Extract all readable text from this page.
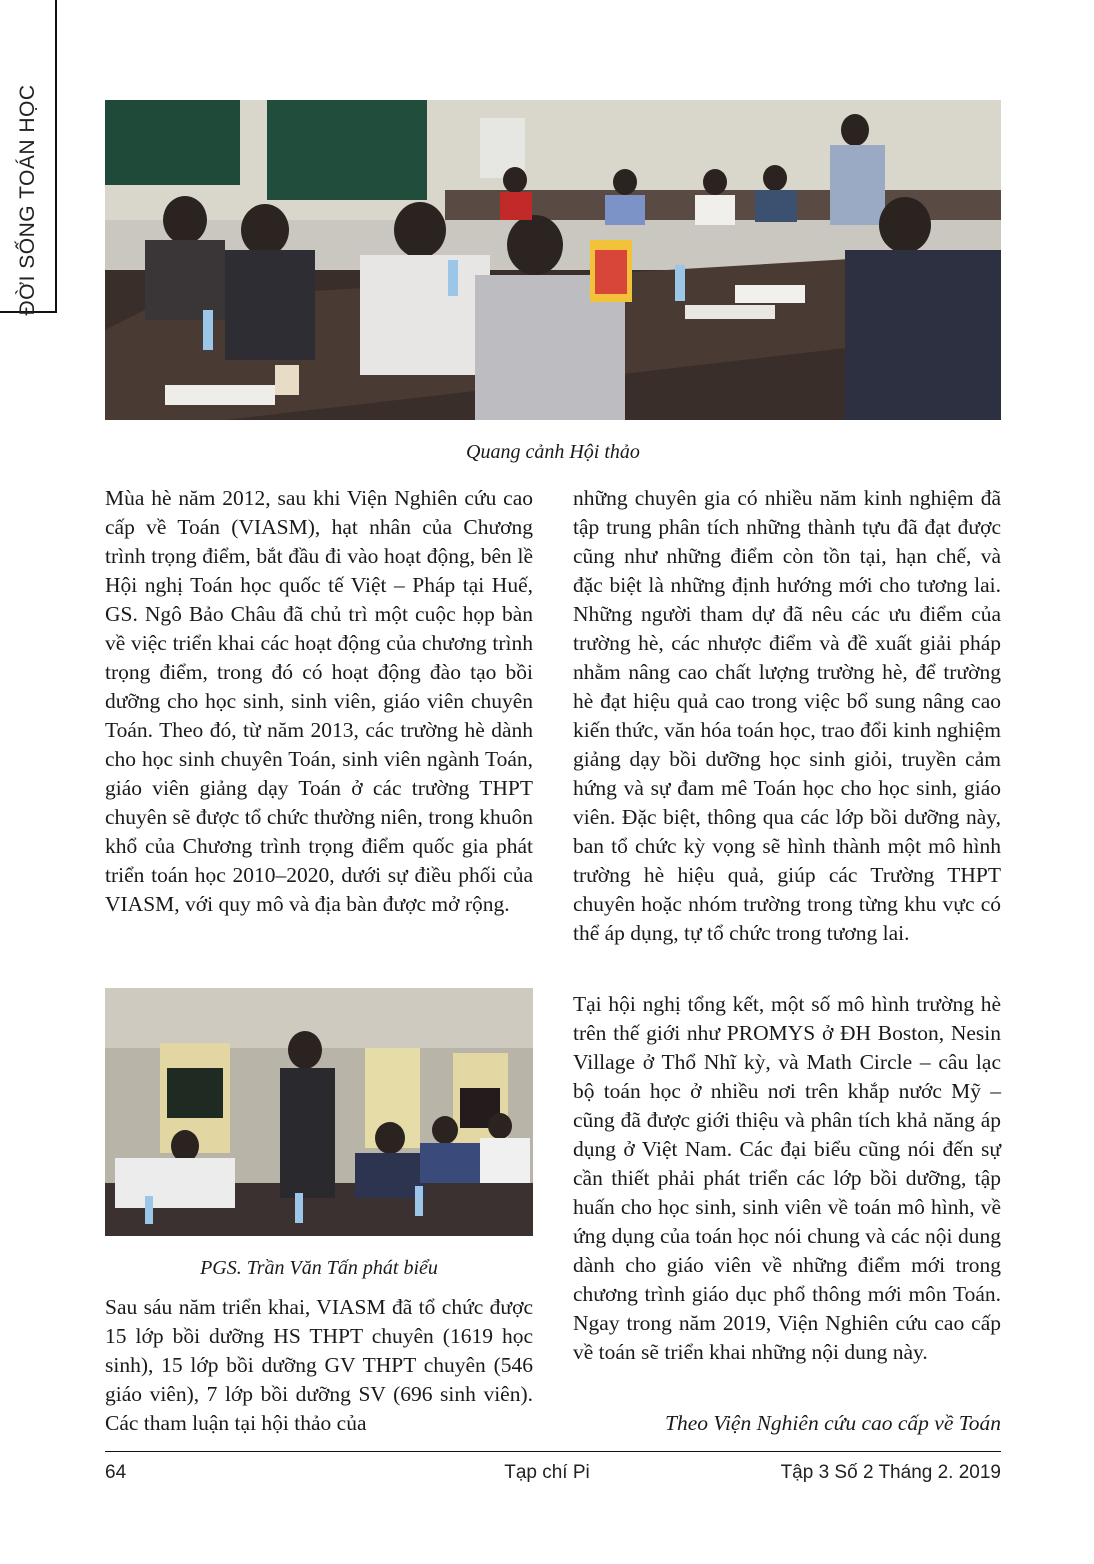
ĐỜI SỐNG TOÁN HỌC
Quang cảnh Hội thảo

Mùa hè năm 2012, sau khi Viện Nghiên cứu cao cấp về Toán (VIASM), hạt nhân của Chương trình trọng điểm, bắt đầu đi vào hoạt động, bên lề Hội nghị Toán học quốc tế Việt – Pháp tại Huế, GS. Ngô Bảo Châu đã chủ trì một cuộc họp bàn về việc triển khai các hoạt động của chương trình trọng điểm, trong đó có hoạt động đào tạo bồi dưỡng cho học sinh, sinh viên, giáo viên chuyên Toán. Theo đó, từ năm 2013, các trường hè dành cho học sinh chuyên Toán, sinh viên ngành Toán, giáo viên giảng dạy Toán ở các trường THPT chuyên sẽ được tổ chức thường niên, trong khuôn khổ của Chương trình trọng điểm quốc gia phát triển toán học 2010–2020, dưới sự điều phối của VIASM, với quy mô và địa bàn được mở rộng.

những chuyên gia có nhiều năm kinh nghiệm đã tập trung phân tích những thành tựu đã đạt được cũng như những điểm còn tồn tại, hạn chế, và đặc biệt là những định hướng mới cho tương lai. Những người tham dự đã nêu các ưu điểm của trường hè, các nhược điểm và đề xuất giải pháp nhằm nâng cao chất lượng trường hè, để trường hè đạt hiệu quả cao trong việc bổ sung nâng cao kiến thức, văn hóa toán học, trao đổi kinh nghiệm giảng dạy bồi dưỡng học sinh giỏi, truyền cảm hứng và sự đam mê Toán học cho học sinh, giáo viên. Đặc biệt, thông qua các lớp bồi dưỡng này, ban tổ chức kỳ vọng sẽ hình thành một mô hình trường hè hiệu quả, giúp các Trường THPT chuyên hoặc nhóm trường trong từng khu vực có thể áp dụng, tự tổ chức trong tương lai.

Tại hội nghị tổng kết, một số mô hình trường hè trên thế giới như PROMYS ở ĐH Boston, Nesin Village ở Thổ Nhĩ kỳ, và Math Circle – câu lạc bộ toán học ở nhiều nơi trên khắp nước Mỹ – cũng đã được giới thiệu và phân tích khả năng áp dụng ở Việt Nam. Các đại biểu cũng nói đến sự cần thiết phải phát triển các lớp bồi dưỡng, tập huấn cho học sinh, sinh viên về toán mô hình, về ứng dụng của toán học nói chung và các nội dung dành cho giáo viên về những điểm mới trong chương trình giáo dục phổ thông mới môn Toán. Ngay trong năm 2019, Viện Nghiên cứu cao cấp về toán sẽ triển khai những nội dung này.

PGS. Trần Văn Tấn phát biểu

Sau sáu năm triển khai, VIASM đã tổ chức được 15 lớp bồi dưỡng HS THPT chuyên (1619 học sinh), 15 lớp bồi dưỡng GV THPT chuyên (546 giáo viên), 7 lớp bồi dưỡng SV (696 sinh viên). Các tham luận tại hội thảo của	Theo Viện Nghiên cứu cao cấp về Toán
64	Tạp chí Pi	Tập 3 Số 2 Tháng 2. 2019
